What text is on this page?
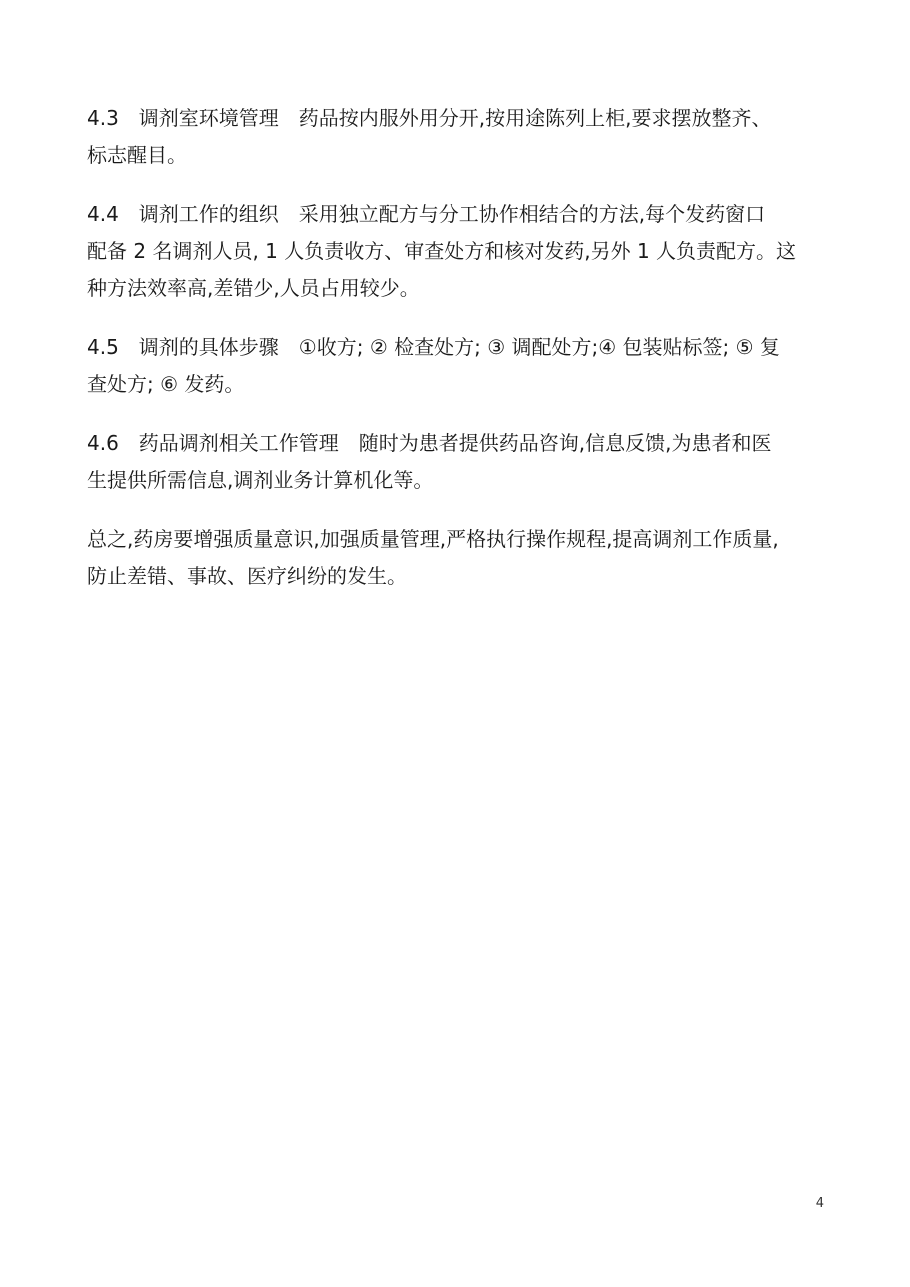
4.3　调剂室环境管理　药品按内服外用分开,按用途陈列上柜,要求摆放整齐、
标志醒目。

4.4　调剂工作的组织　采用独立配方与分工协作相结合的方法,每个发药窗口
配备 2 名调剂人员, 1 人负责收方、审查处方和核对发药,另外 1 人负责配方。这
种方法效率高,差错少,人员占用较少。

4.5　调剂的具体步骤　①收方; ② 检查处方; ③ 调配处方;④ 包装贴标签; ⑤ 复
查处方; ⑥ 发药。

4.6　药品调剂相关工作管理　随时为患者提供药品咨询,信息反馈,为患者和医
生提供所需信息,调剂业务计算机化等。

总之,药房要增强质量意识,加强质量管理,严格执行操作规程,提高调剂工作质量,
防止差错、事故、医疗纠纷的发生。

4
